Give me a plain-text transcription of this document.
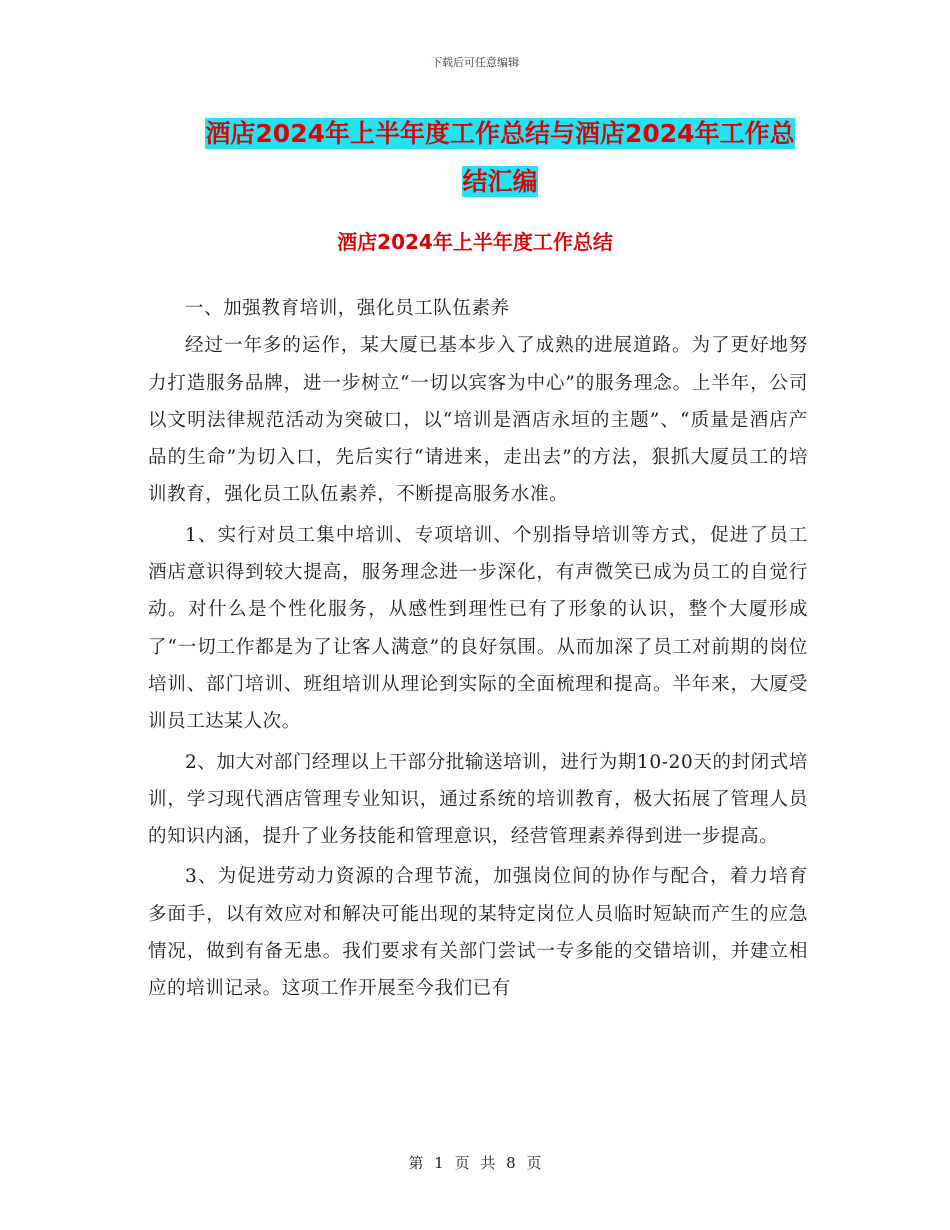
下载后可任意编辑
酒店2024年上半年度工作总结与酒店2024年工作总
结汇编
酒店2024年上半年度工作总结

一、加强教育培训，强化员工队伍素养

经过一年多的运作，某大厦已基本步入了成熟的进展道路。为了更好地努力打造服务品牌，进一步树立“一切以宾客为中心”的服务理念。上半年，公司以文明法律规范活动为突破口，以“培训是酒店永垣的主题”、“质量是酒店产品的生命”为切入口，先后实行“请进来，走出去”的方法，狠抓大厦员工的培训教育，强化员工队伍素养，不断提高服务水准。

1、实行对员工集中培训、专项培训、个别指导培训等方式，促进了员工酒店意识得到较大提高，服务理念进一步深化，有声微笑已成为员工的自觉行动。对什么是个性化服务，从感性到理性已有了形象的认识，整个大厦形成了“一切工作都是为了让客人满意”的良好氛围。从而加深了员工对前期的岗位培训、部门培训、班组培训从理论到实际的全面梳理和提高。半年来，大厦受训员工达某人次。

2、加大对部门经理以上干部分批输送培训，进行为期10-20天的封闭式培训，学习现代酒店管理专业知识，通过系统的培训教育，极大拓展了管理人员的知识内涵，提升了业务技能和管理意识，经营管理素养得到进一步提高。

3、为促进劳动力资源的合理节流，加强岗位间的协作与配合，着力培育多面手，以有效应对和解决可能出现的某特定岗位人员临时短缺而产生的应急情况，做到有备无患。我们要求有关部门尝试一专多能的交错培训，并建立相应的培训记录。这项工作开展至今我们已有

第 1 页 共 8 页
